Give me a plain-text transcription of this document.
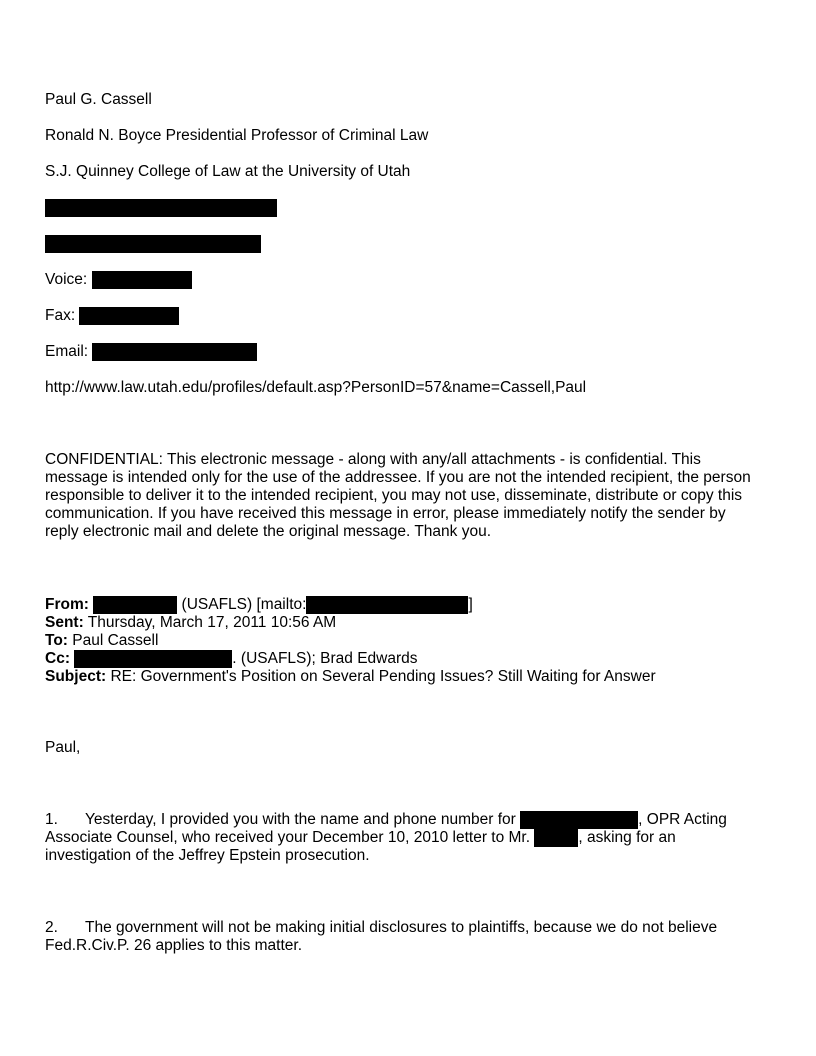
Paul G. Cassell
Ronald N. Boyce Presidential Professor of Criminal Law
S.J. Quinney College of Law at the University of Utah
Voice:
Fax:
Email:
http://www.law.utah.edu/profiles/default.asp?PersonID=57&name=Cassell,Paul
CONFIDENTIAL: This electronic message - along with any/all attachments - is confidential. This message is intended only for the use of the addressee. If you are not the intended recipient, the person responsible to deliver it to the intended recipient, you may not use, disseminate, distribute or copy this communication. If you have received this message in error, please immediately notify the sender by reply electronic mail and delete the original message. Thank you.
From:	(USAFLS) [mailto:	]
Sent: Thursday, March 17, 2011 10:56 AM
To: Paul Cassell
Cc:	. (USAFLS); Brad Edwards
Subject: RE: Government's Position on Several Pending Issues? Still Waiting for Answer
Paul,
1. Yesterday, I provided you with the name and phone number for	, OPR Acting Associate Counsel, who received your December 10, 2010 letter to Mr.	, asking for an investigation of the Jeffrey Epstein prosecution.
2. The government will not be making initial disclosures to plaintiffs, because we do not believe Fed.R.Civ.P. 26 applies to this matter.
